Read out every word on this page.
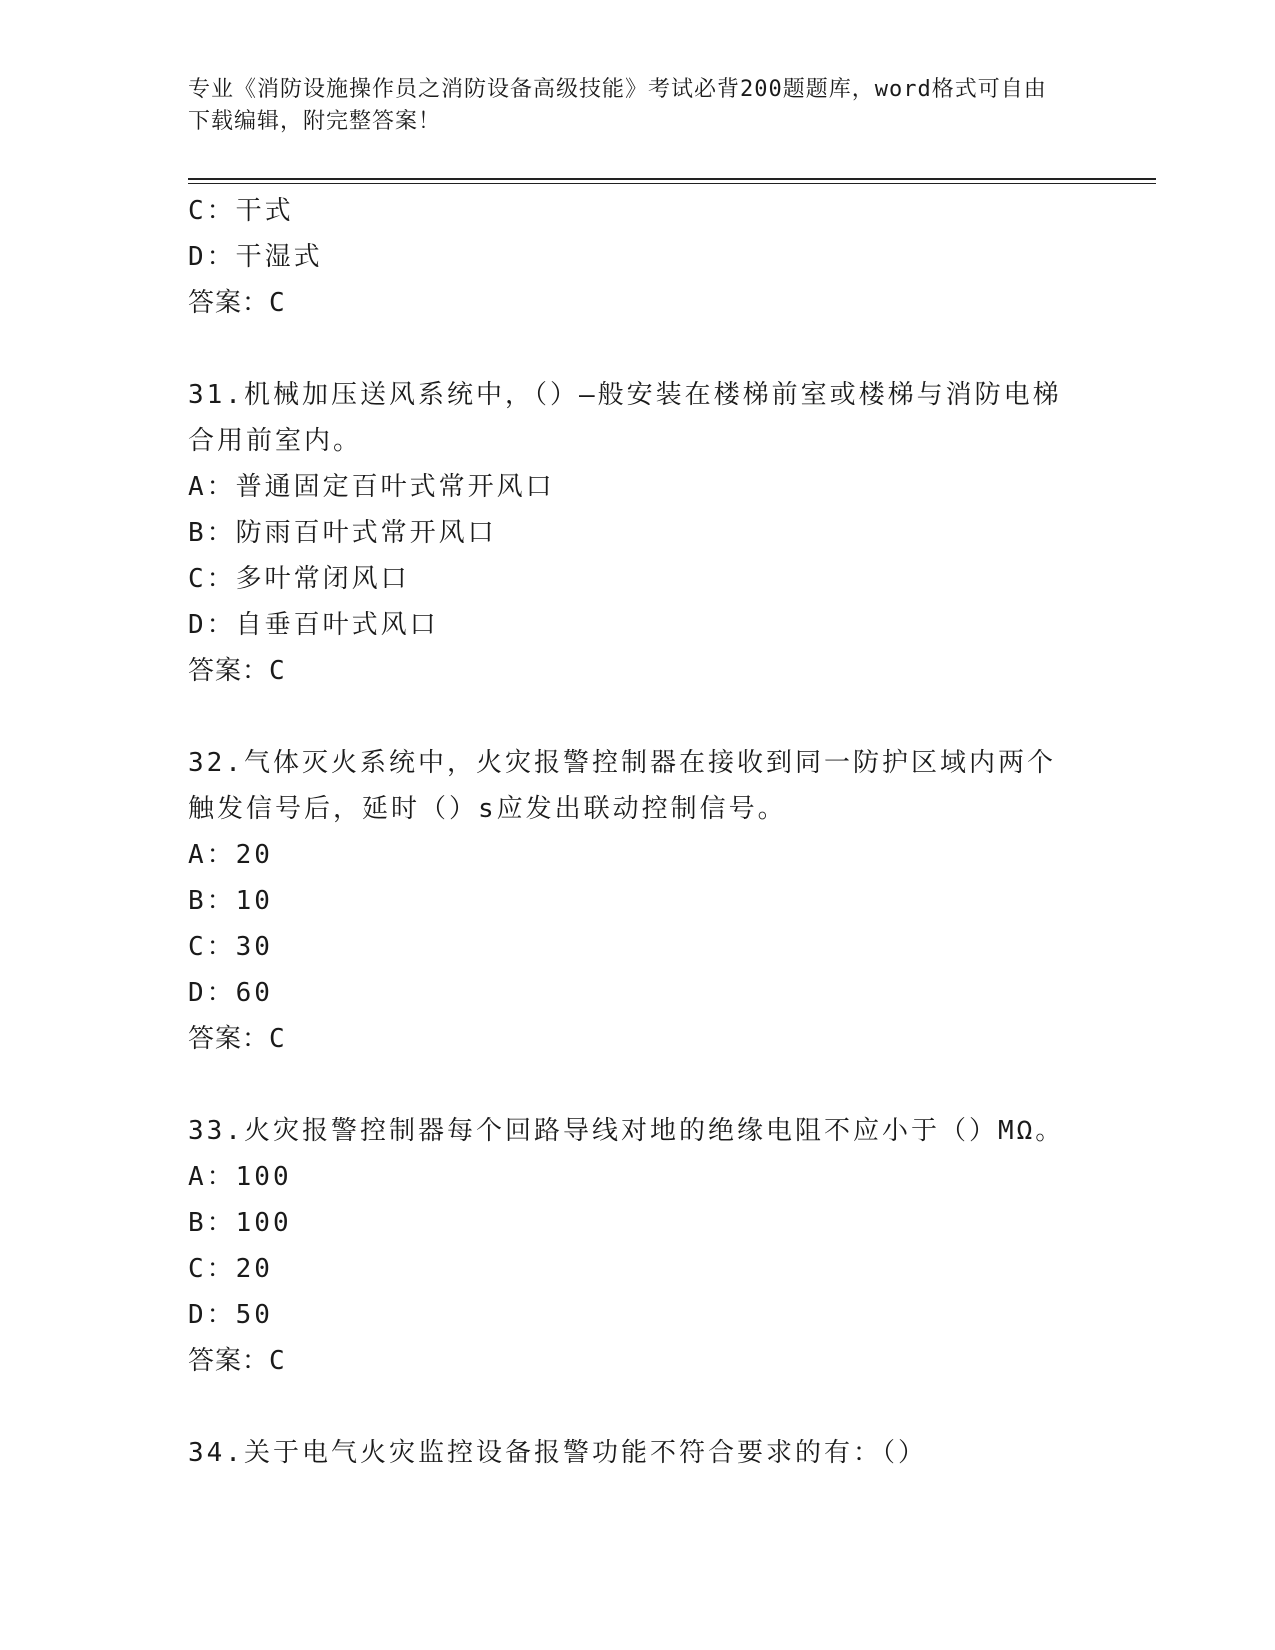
专业《消防设施操作员之消防设备高级技能》考试必背200题题库，word格式可自由下载编辑，附完整答案！
C：干式
D：干湿式
答案：C
31.机械加压送风系统中，（）—般安装在楼梯前室或楼梯与消防电梯合用前室内。
A：普通固定百叶式常开风口
B：防雨百叶式常开风口
C：多叶常闭风口
D：自垂百叶式风口
答案：C
32.气体灭火系统中，火灾报警控制器在接收到同一防护区域内两个触发信号后，延时（）s应发出联动控制信号。
A：20
B：10
C：30
D：60
答案：C
33.火灾报警控制器每个回路导线对地的绝缘电阻不应小于（）MΩ。
A：100
B：100
C：20
D：50
答案：C
34.关于电气火灾监控设备报警功能不符合要求的有：（）
